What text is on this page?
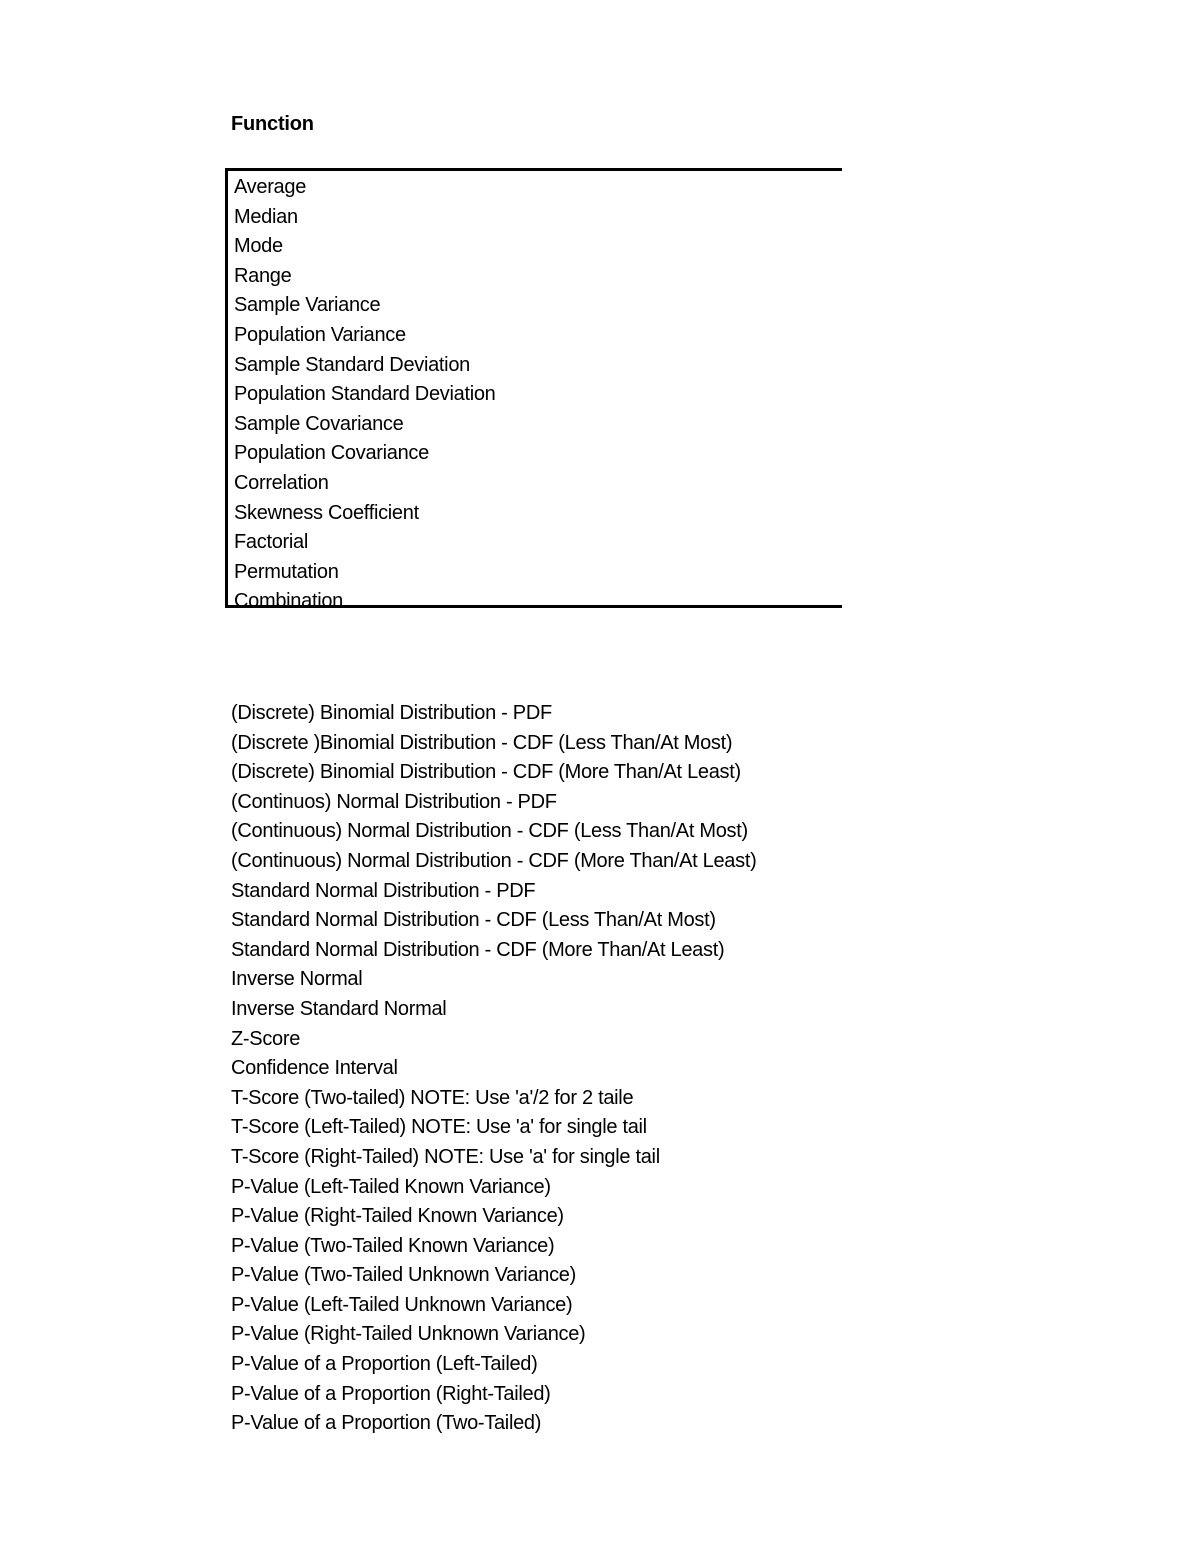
Function
Average
Median
Mode
Range
Sample Variance
Population Variance
Sample Standard Deviation
Population Standard Deviation
Sample Covariance
Population Covariance
Correlation
Skewness Coefficient
Factorial
Permutation
Combination
(Discrete) Binomial Distribution - PDF
(Discrete )Binomial Distribution - CDF (Less Than/At Most)
(Discrete) Binomial Distribution - CDF (More Than/At Least)
(Continuos) Normal Distribution - PDF
(Continuous) Normal Distribution - CDF (Less Than/At Most)
(Continuous) Normal Distribution - CDF (More Than/At Least)
Standard Normal Distribution - PDF
Standard Normal Distribution - CDF (Less Than/At Most)
Standard Normal Distribution - CDF (More Than/At Least)
Inverse Normal
Inverse Standard Normal
Z-Score
Confidence Interval
T-Score (Two-tailed) NOTE: Use 'a'/2 for 2 taile
T-Score (Left-Tailed) NOTE: Use 'a' for single tail
T-Score (Right-Tailed) NOTE: Use 'a' for single tail
P-Value (Left-Tailed Known Variance)
P-Value (Right-Tailed Known Variance)
P-Value (Two-Tailed Known Variance)
P-Value (Two-Tailed Unknown Variance)
P-Value (Left-Tailed Unknown Variance)
P-Value (Right-Tailed Unknown Variance)
P-Value of a Proportion (Left-Tailed)
P-Value of a Proportion (Right-Tailed)
P-Value of a Proportion (Two-Tailed)
